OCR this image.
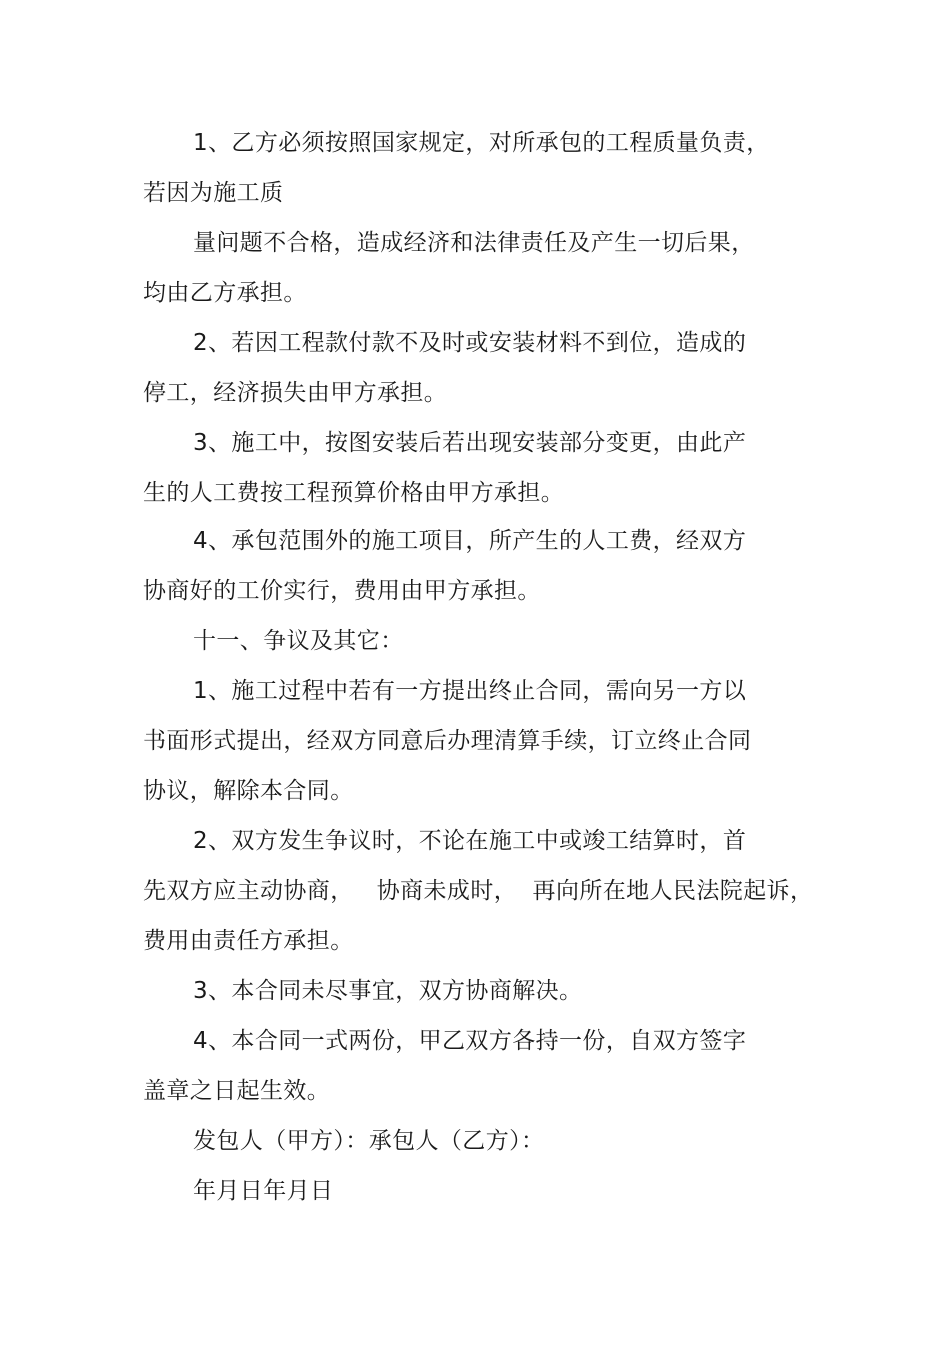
1、乙方必须按照国家规定，对所承包的工程质量负责，
若因为施工质
量问题不合格，造成经济和法律责任及产生一切后果，
均由乙方承担。
2、若因工程款付款不及时或安装材料不到位，造成的
停工，经济损失由甲方承担。
3、施工中，按图安装后若出现安装部分变更，由此产
生的人工费按工程预算价格由甲方承担。
4、承包范围外的施工项目，所产生的人工费，经双方
协商好的工价实行，费用由甲方承担。
十一、争议及其它：
1、施工过程中若有一方提出终止合同，需向另一方以
书面形式提出，经双方同意后办理清算手续，订立终止合同
协议，解除本合同。
2、双方发生争议时，不论在施工中或竣工结算时，首
先双方应主动协商，   协商未成时，  再向所在地人民法院起诉，
费用由责任方承担。
3、本合同未尽事宜，双方协商解决。
4、本合同一式两份，甲乙双方各持一份，自双方签字
盖章之日起生效。
发包人（甲方）：承包人（乙方）：
年月日年月日
